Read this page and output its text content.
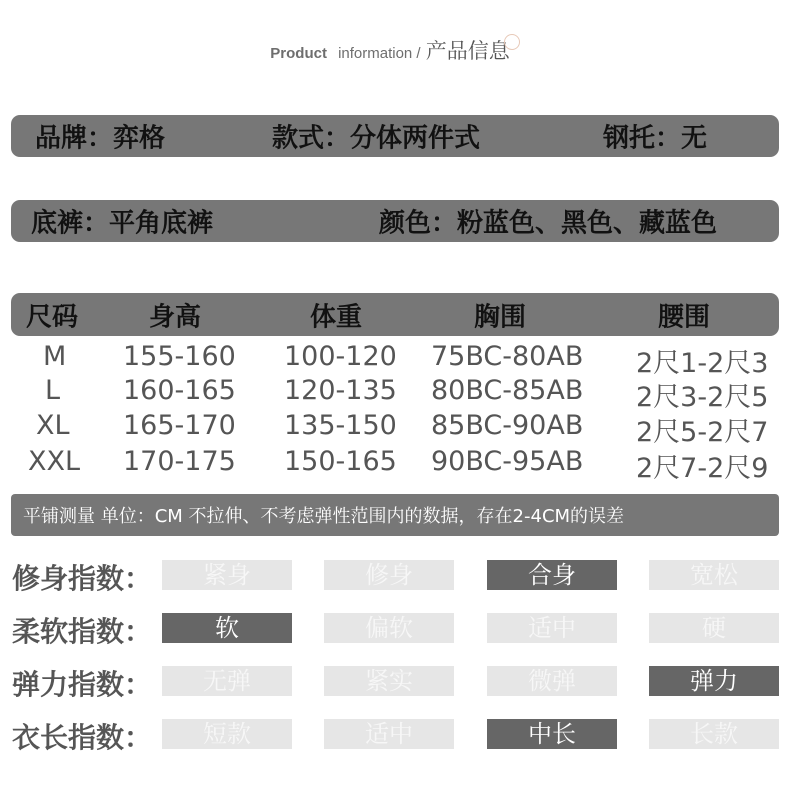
Product information / 产品信息
品牌：弈格	款式：分体两件式	钢托：无
底裤：平角底裤	颜色：粉蓝色、黑色、藏蓝色
尺码	身高	体重	胸围	腰围
M 155-160 100-120 75BC-80AB 2尺1-2尺3
L 160-165 120-135 80BC-85AB 2尺3-2尺5
XL 165-170 135-150 85BC-90AB 2尺5-2尺7
XXL 170-175 150-165 90BC-95AB 2尺7-2尺9
平铺测量 单位：CM 不拉伸、不考虑弹性范围内的数据，存在2-4CM的误差
修身指数：	紧身	修身	合身	宽松
柔软指数：	软	偏软	适中	硬
弹力指数：	无弹	紧实	微弹	弹力
衣长指数：	短款	适中	中长	长款
